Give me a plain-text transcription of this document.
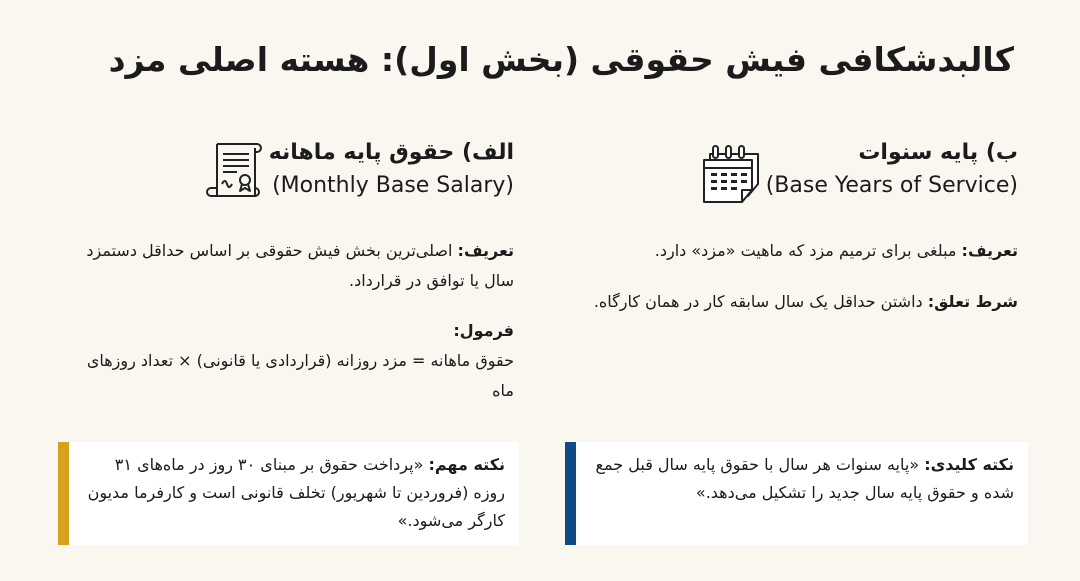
کالبدشکافی فیش حقوقی (بخش اول): هسته اصلی مزد
ب) پایه سنوات
(Base Years of Service)
الف) حقوق پایه ماهانه
(Monthly Base Salary)
تعریف: مبلغی برای ترمیم مزد که ماهیت «مزد» دارد.
شرط تعلق: داشتن حداقل یک سال سابقه کار در همان کارگاه.
تعریف: اصلی‌ترین بخش فیش حقوقی بر اساس حداقل دستمزد سال یا توافق در قرارداد.
فرمول:
حقوق ماهانه = مزد روزانه (قراردادی یا قانونی) × تعداد روزهای ماه
نکته کلیدی: «پایه سنوات هر سال با حقوق پایه سال قبل جمع شده و حقوق پایه سال جدید را تشکیل می‌دهد.»
نکته مهم: «پرداخت حقوق بر مبنای ۳۰ روز در ماه‌های ۳۱ روزه (فروردین تا شهریور) تخلف قانونی است و کارفرما مدیون کارگر می‌شود.»
